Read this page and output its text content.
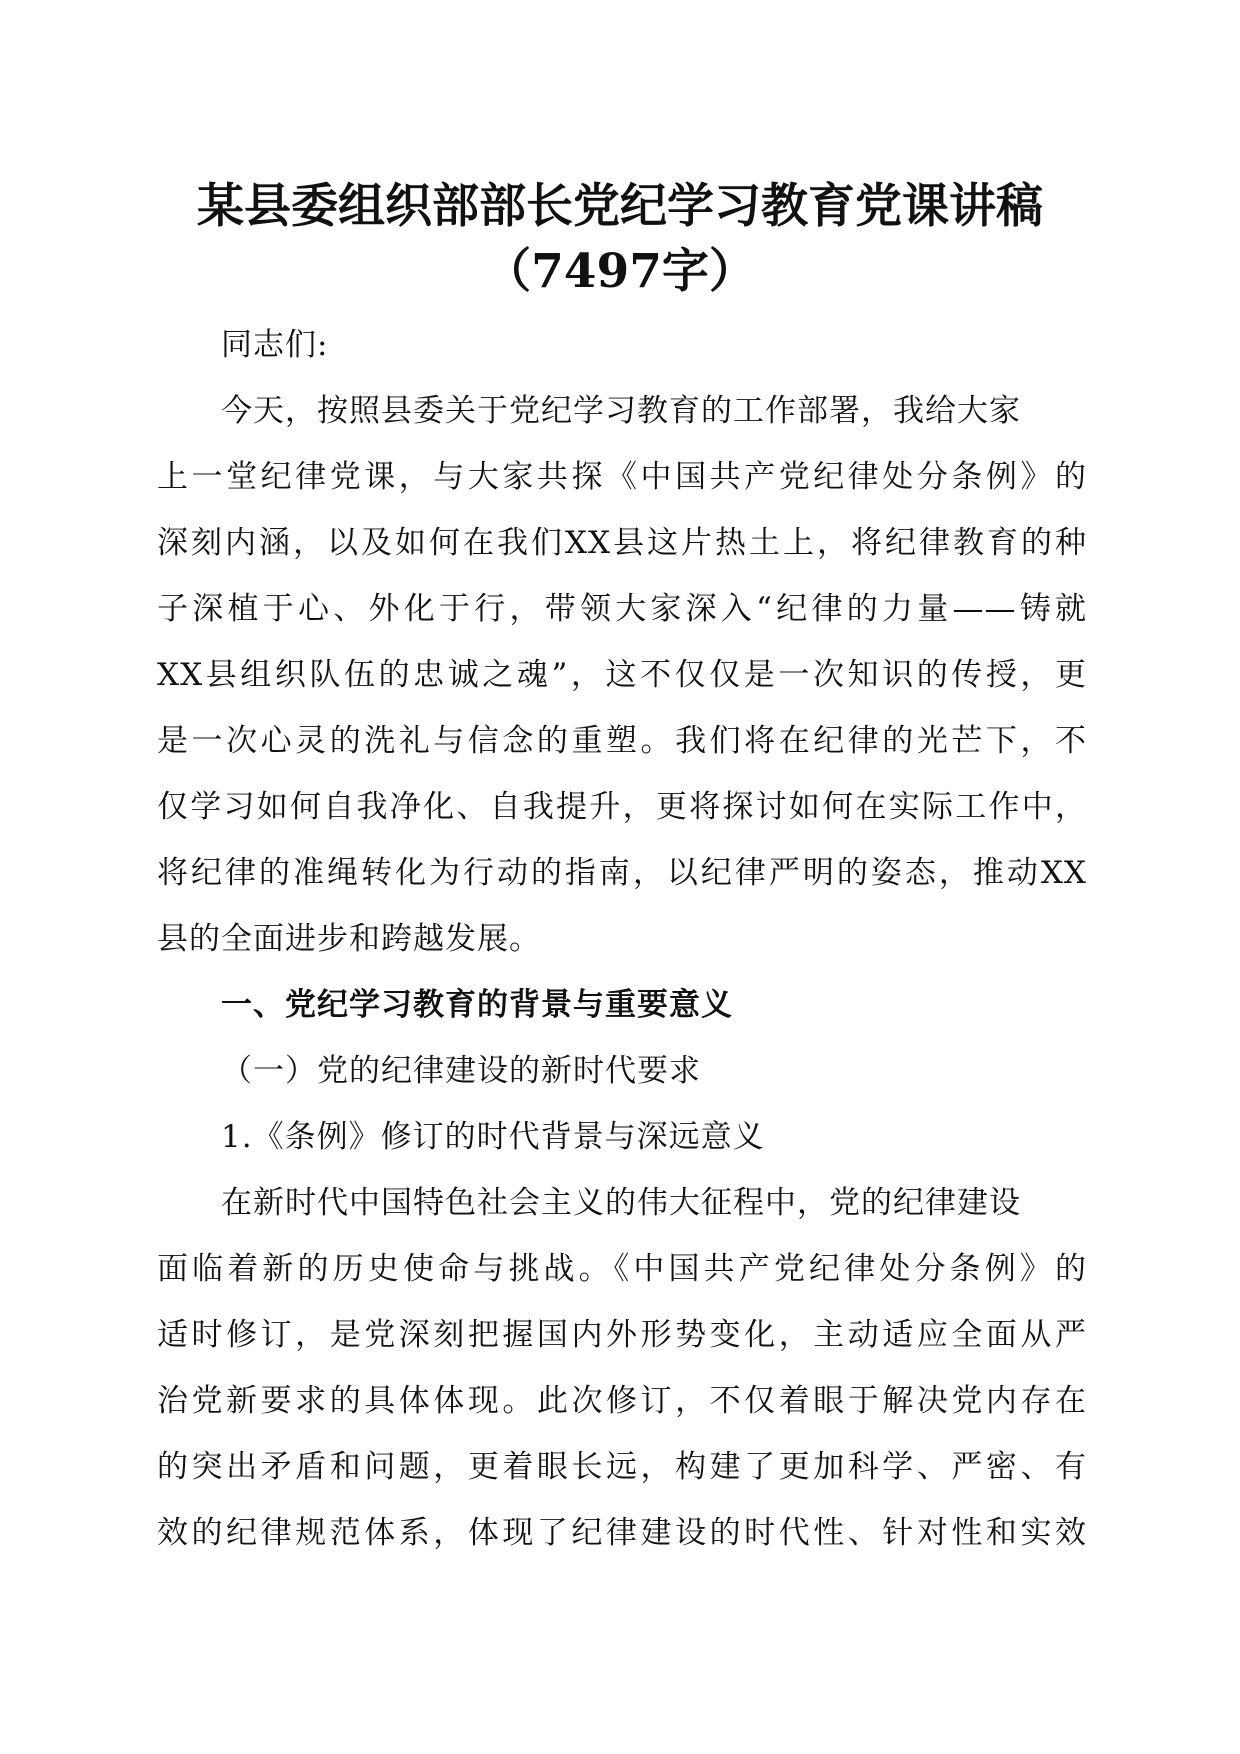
某县委组织部部长党纪学习教育党课讲稿
（7497字）
同志们:
今天，按照县委关于党纪学习教育的工作部署，我给大家
上一堂纪律党课，与大家共探《中国共产党纪律处分条例》的
深刻内涵，以及如何在我们XX县这片热土上，将纪律教育的种
子深植于心、外化于行，带领大家深入“纪律的力量——铸就
XX县组织队伍的忠诚之魂”，这不仅仅是一次知识的传授，更
是一次心灵的洗礼与信念的重塑。我们将在纪律的光芒下，不
仅学习如何自我净化、自我提升，更将探讨如何在实际工作中，
将纪律的准绳转化为行动的指南，以纪律严明的姿态，推动XX
县的全面进步和跨越发展。
一、党纪学习教育的背景与重要意义
（一）党的纪律建设的新时代要求
1.《条例》修订的时代背景与深远意义
在新时代中国特色社会主义的伟大征程中，党的纪律建设
面临着新的历史使命与挑战。《中国共产党纪律处分条例》的
适时修订，是党深刻把握国内外形势变化，主动适应全面从严
治党新要求的具体体现。此次修订，不仅着眼于解决党内存在
的突出矛盾和问题，更着眼长远，构建了更加科学、严密、有
效的纪律规范体系，体现了纪律建设的时代性、针对性和实效
